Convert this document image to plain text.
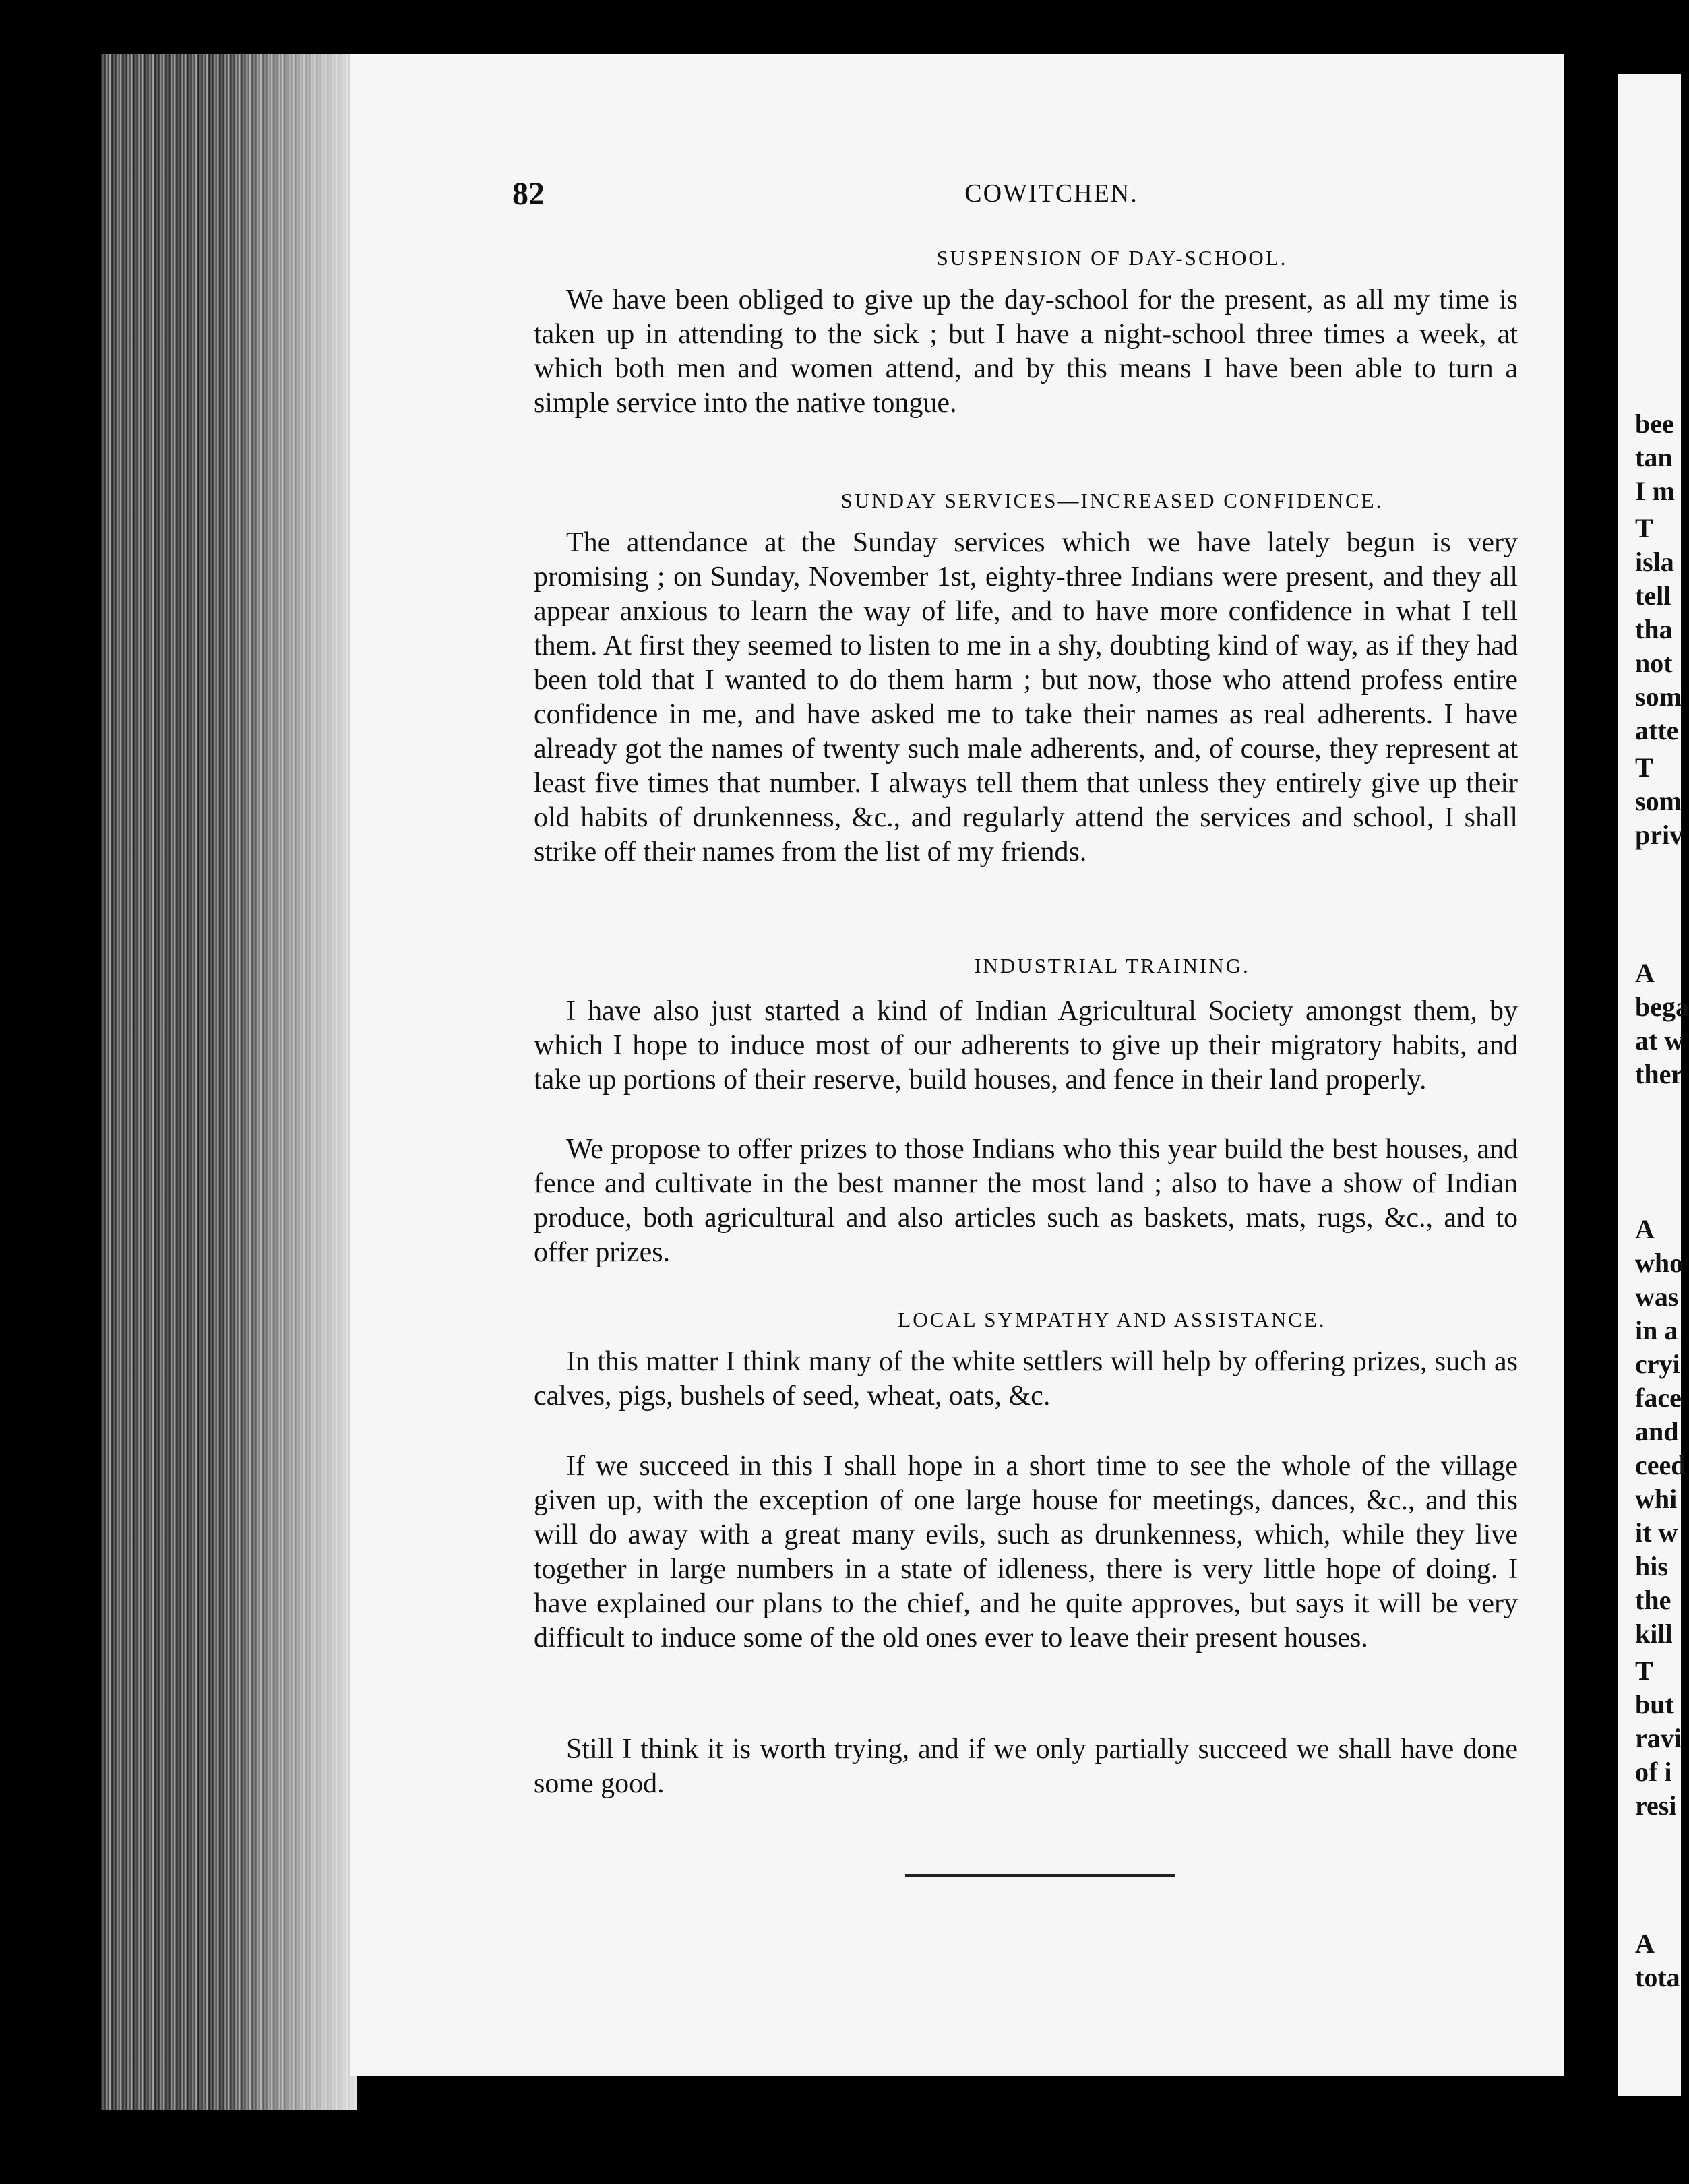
82	COWITCHEN.
SUSPENSION OF DAY-SCHOOL.

We have been obliged to give up the day-school for the present, as all my time is taken up in attending to the sick ; but I have a night-school three times a week, at which both men and women attend, and by this means I have been able to turn a simple service into the native tongue.

SUNDAY SERVICES—INCREASED CONFIDENCE.

The attendance at the Sunday services which we have lately begun is very promising ; on Sunday, November 1st, eighty-three Indians were present, and they all appear anxious to learn the way of life, and to have more confidence in what I tell them. At first they seemed to listen to me in a shy, doubting kind of way, as if they had been told that I wanted to do them harm ; but now, those who attend profess entire confidence in me, and have asked me to take their names as real adherents. I have already got the names of twenty such male adherents, and, of course, they represent at least five times that number. I always tell them that unless they entirely give up their old habits of drunkenness, &c., and regularly attend the services and school, I shall strike off their names from the list of my friends.

INDUSTRIAL TRAINING.

I have also just started a kind of Indian Agricultural Society amongst them, by which I hope to induce most of our adherents to give up their migratory habits, and take up portions of their reserve, build houses, and fence in their land properly.

We propose to offer prizes to those Indians who this year build the best houses, and fence and cultivate in the best manner the most land ; also to have a show of Indian produce, both agricultural and also articles such as baskets, mats, rugs, &c., and to offer prizes.

LOCAL SYMPATHY AND ASSISTANCE.

In this matter I think many of the white settlers will help by offering prizes, such as calves, pigs, bushels of seed, wheat, oats, &c.

If we succeed in this I shall hope in a short time to see the whole of the village given up, with the exception of one large house for meetings, dances, &c., and this will do away with a great many evils, such as drunkenness, which, while they live together in large numbers in a state of idleness, there is very little hope of doing. I have explained our plans to the chief, and he quite approves, but says it will be very difficult to induce some of the old ones ever to leave their present houses.

Still I think it is worth trying, and if we only partially succeed we shall have done some good.

bee
tan
I m
T
isla
tell
tha
not
som
atte
T
som
priv
A
bega
at w
ther
A
who
was
in a
cryi
face
and
ceed
whi
it w
his
the
kill
T
but
ravi
of i
resi
A
tota
